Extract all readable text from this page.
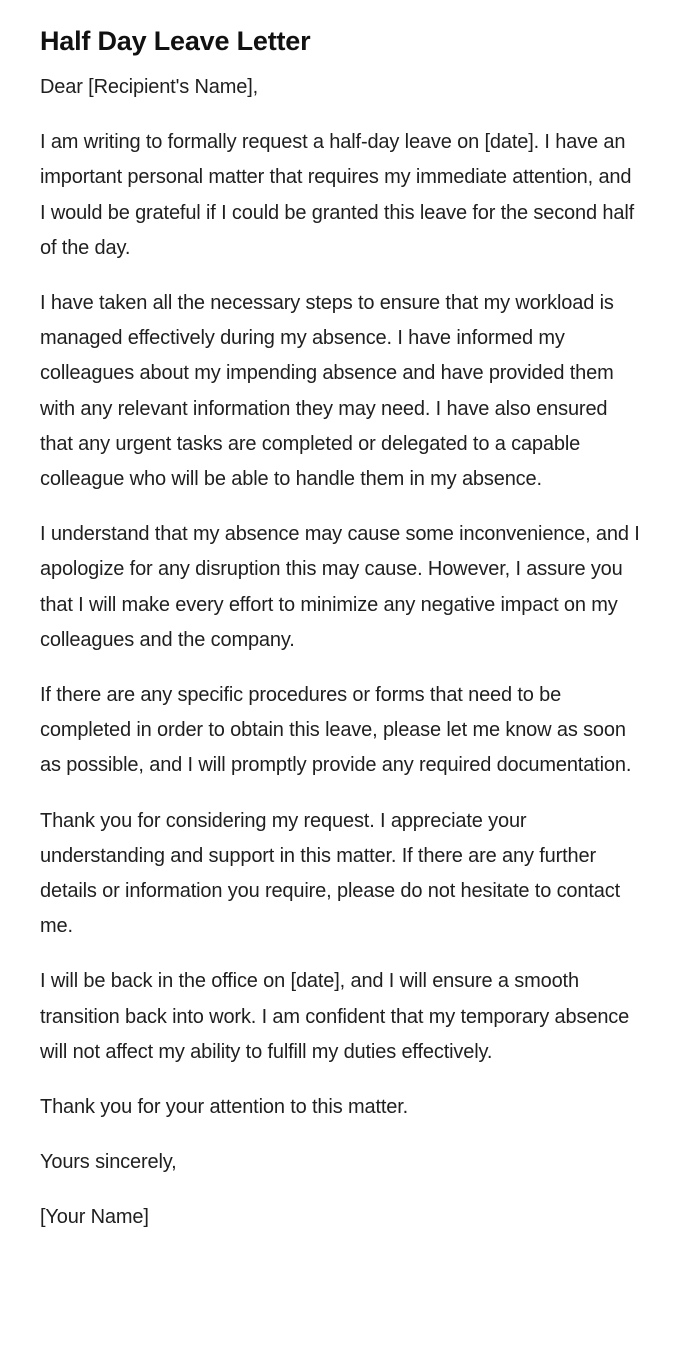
Half Day Leave Letter

Dear [Recipient's Name],

I am writing to formally request a half-day leave on [date]. I have an important personal matter that requires my immediate attention, and I would be grateful if I could be granted this leave for the second half of the day.

I have taken all the necessary steps to ensure that my workload is managed effectively during my absence. I have informed my colleagues about my impending absence and have provided them with any relevant information they may need. I have also ensured that any urgent tasks are completed or delegated to a capable colleague who will be able to handle them in my absence.

I understand that my absence may cause some inconvenience, and I apologize for any disruption this may cause. However, I assure you that I will make every effort to minimize any negative impact on my colleagues and the company.

If there are any specific procedures or forms that need to be completed in order to obtain this leave, please let me know as soon as possible, and I will promptly provide any required documentation.

Thank you for considering my request. I appreciate your understanding and support in this matter. If there are any further details or information you require, please do not hesitate to contact me.

I will be back in the office on [date], and I will ensure a smooth transition back into work. I am confident that my temporary absence will not affect my ability to fulfill my duties effectively.

Thank you for your attention to this matter.

Yours sincerely,

[Your Name]
